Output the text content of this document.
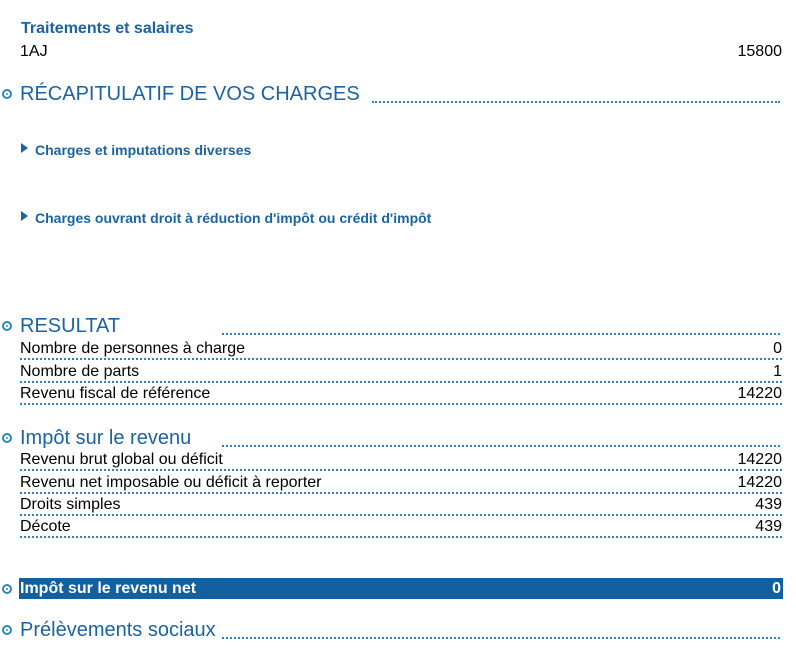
Traitements et salaires
1AJ	15800
RÉCAPITULATIF DE VOS CHARGES
Charges et imputations diverses
Charges ouvrant droit à réduction d'impôt ou crédit d'impôt
RESULTAT
Nombre de personnes à charge	0
Nombre de parts	1
Revenu fiscal de référence	14220
Impôt sur le revenu
Revenu brut global ou déficit	14220
Revenu net imposable ou déficit à reporter	14220
Droits simples	439
Décote	439
Impôt sur le revenu net	0
Prélèvements sociaux
